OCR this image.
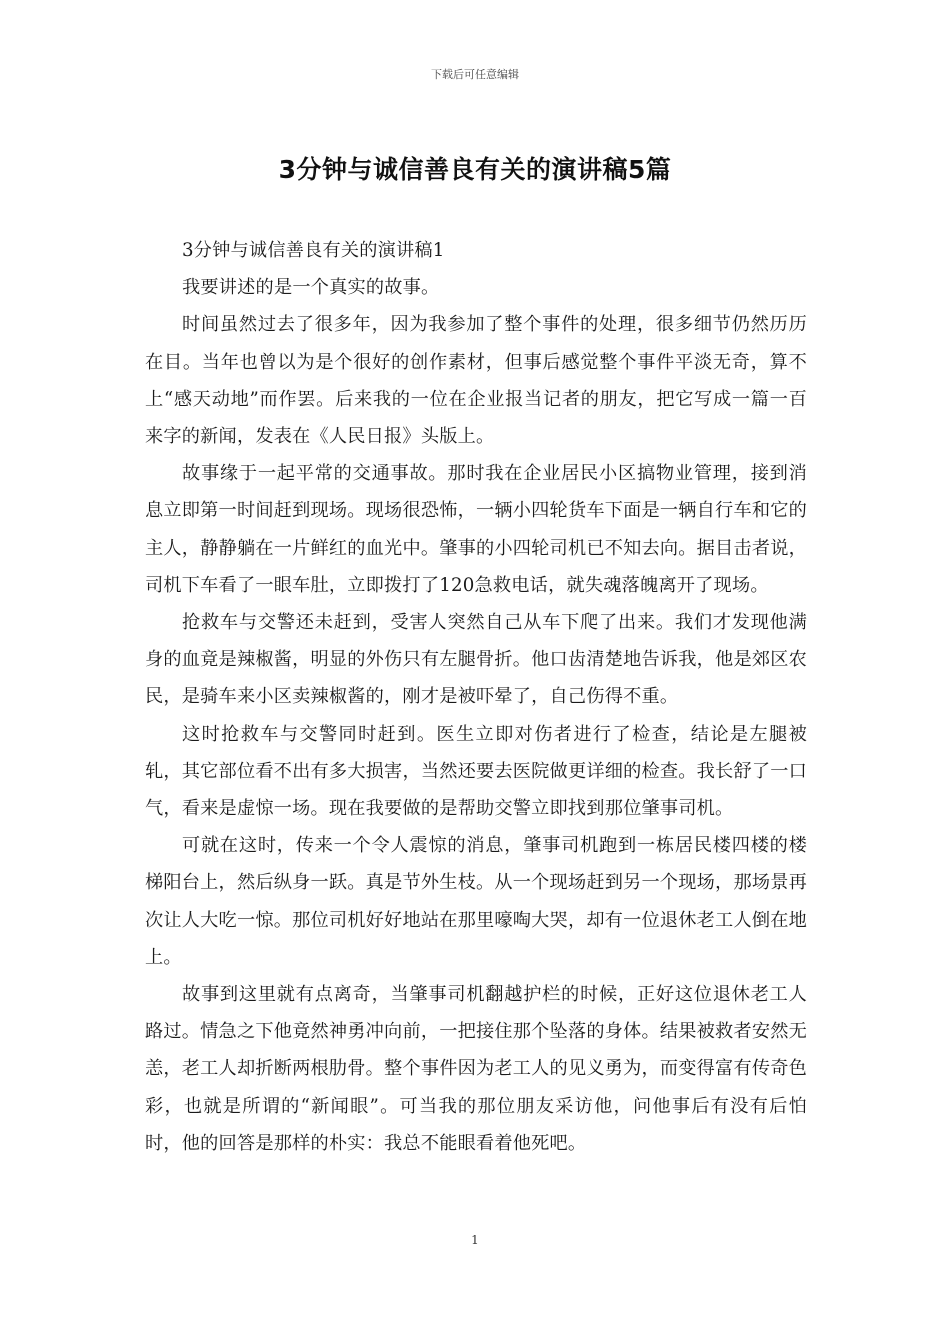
下载后可任意编辑
3分钟与诚信善良有关的演讲稿5篇

3分钟与诚信善良有关的演讲稿1

我要讲述的是一个真实的故事。

时间虽然过去了很多年，因为我参加了整个事件的处理，很多细节仍然历历在目。当年也曾以为是个很好的创作素材，但事后感觉整个事件平淡无奇，算不上“感天动地”而作罢。后来我的一位在企业报当记者的朋友，把它写成一篇一百来字的新闻，发表在《人民日报》头版上。

故事缘于一起平常的交通事故。那时我在企业居民小区搞物业管理，接到消息立即第一时间赶到现场。现场很恐怖，一辆小四轮货车下面是一辆自行车和它的主人，静静躺在一片鲜红的血光中。肇事的小四轮司机已不知去向。据目击者说，司机下车看了一眼车肚，立即拨打了120急救电话，就失魂落魄离开了现场。

抢救车与交警还未赶到，受害人突然自己从车下爬了出来。我们才发现他满身的血竟是辣椒酱，明显的外伤只有左腿骨折。他口齿清楚地告诉我，他是郊区农民，是骑车来小区卖辣椒酱的，刚才是被吓晕了，自己伤得不重。

这时抢救车与交警同时赶到。医生立即对伤者进行了检查，结论是左腿被轧，其它部位看不出有多大损害，当然还要去医院做更详细的检查。我长舒了一口气，看来是虚惊一场。现在我要做的是帮助交警立即找到那位肇事司机。

可就在这时，传来一个令人震惊的消息，肇事司机跑到一栋居民楼四楼的楼梯阳台上，然后纵身一跃。真是节外生枝。从一个现场赶到另一个现场，那场景再次让人大吃一惊。那位司机好好地站在那里嚎啕大哭，却有一位退休老工人倒在地上。

故事到这里就有点离奇，当肇事司机翻越护栏的时候，正好这位退休老工人路过。情急之下他竟然神勇冲向前，一把接住那个坠落的身体。结果被救者安然无恙，老工人却折断两根肋骨。整个事件因为老工人的见义勇为，而变得富有传奇色彩，也就是所谓的“新闻眼”。可当我的那位朋友采访他，问他事后有没有后怕时，他的回答是那样的朴实：我总不能眼看着他死吧。

1
